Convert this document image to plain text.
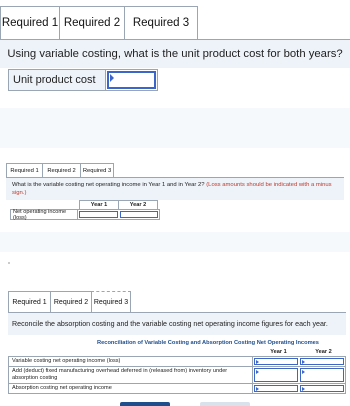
Required 1 Required 2	Required 3
Using variable costing, what is the unit product cost for both years?
Unit product cost
Required 1	Required 2	Required 3
What is the variable costing net operating income in Year 1 and in Year 2? (Loss amounts should be indicated with a minus sign.)
Year 1	Year 2
Net operating income (loss)
Required 1	Required 2 Required 3
Reconcile the absorption costing and the variable costing net operating income figures for each year.
Reconciliation of Variable Costing and Absorption Costing Net Operating Incomes
Year 1	Year 2
Variable costing net operating income (loss)
Add (deduct) fixed manufacturing overhead deferred in (released from) inventory under absorption costing
Absorption costing net operating income
